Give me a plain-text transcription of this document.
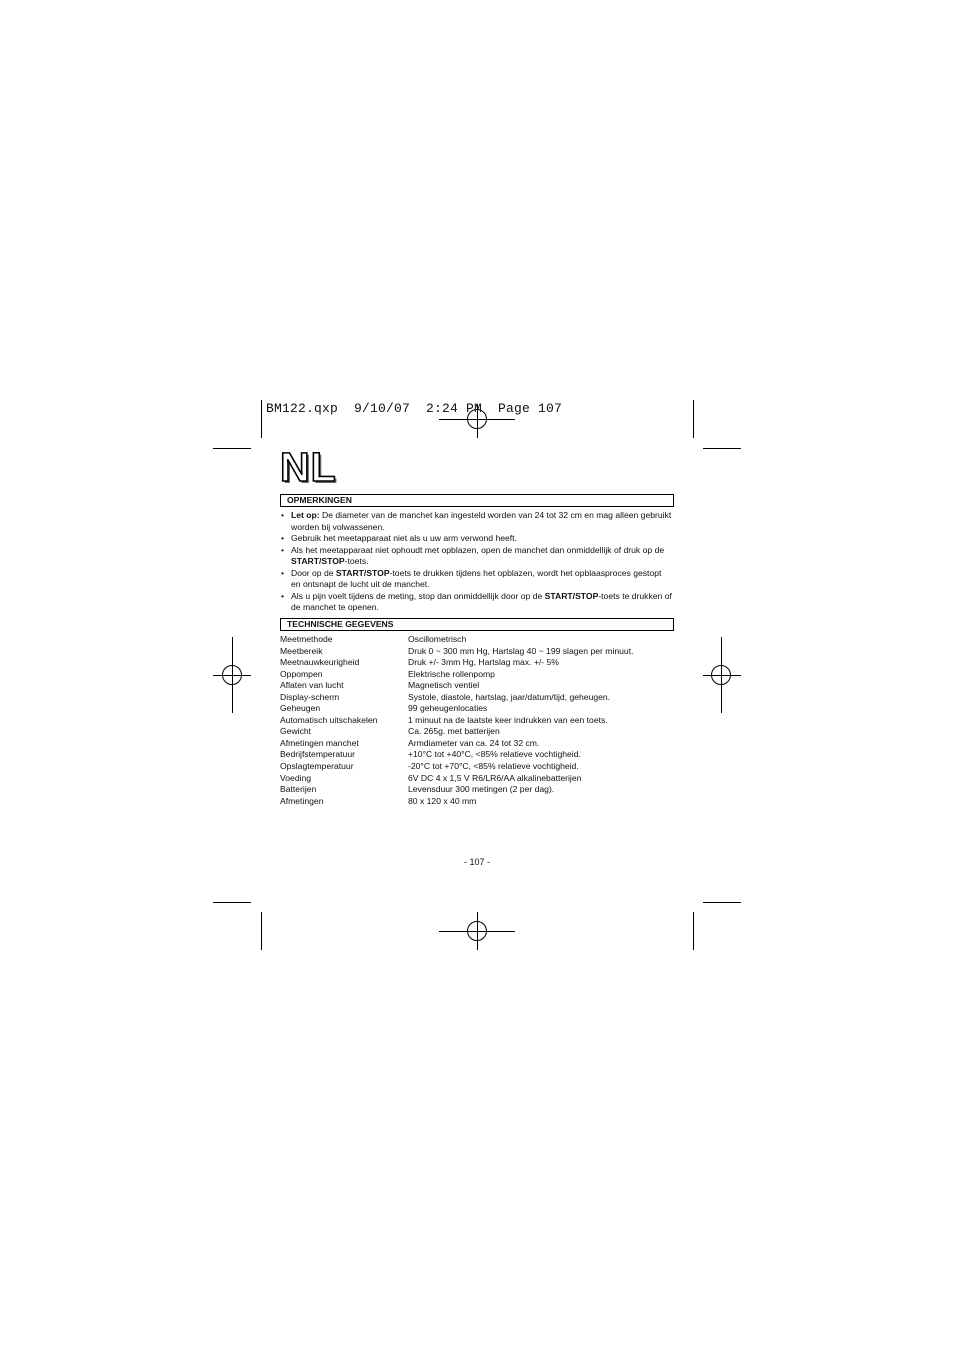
BM122.qxp  9/10/07  2:24 PM  Page 107
NL
OPMERKINGEN
• Let op: De diameter van de manchet kan ingesteld worden van 24 tot 32 cm en mag alleen gebruikt worden bij volwassenen.
• Gebruik het meetapparaat niet als u uw arm verwond heeft.
• Als het meetapparaat niet ophoudt met opblazen, open de manchet dan onmiddellijk of druk op de START/STOP-toets.
• Door op de START/STOP-toets te drukken tijdens het opblazen, wordt het opblaasproces gestopt en ontsnapt de lucht uit de manchet.
• Als u pijn voelt tijdens de meting, stop dan onmiddellijk door op de START/STOP-toets te drukken of de manchet te openen.
TECHNISCHE GEGEVENS
Meetmethode	Oscillometrisch
Meetbereik	Druk 0 ~ 300 mm Hg, Hartslag 40 ~ 199 slagen per minuut.
Meetnauwkeurigheid	Druk +/- 3mm Hg, Hartslag max. +/- 5%
Oppompen	Elektrische rollenpomp
Aflaten van lucht	Magnetisch ventiel
Display-scherm	Systole, diastole, hartslag, jaar/datum/tijd, geheugen.
Geheugen	99 geheugenlocaties
Automatisch uitschakelen	1 minuut na de laatste keer indrukken van een toets.
Gewicht	Ca. 265g. met batterijen
Afmetingen manchet	Armdiameter van ca. 24 tot 32 cm.
Bedrijfstemperatuur	+10°C tot +40°C, <85% relatieve vochtigheid.
Opslagtemperatuur	-20°C tot +70°C, <85% relatieve vochtigheid.
Voeding	6V DC 4 x 1,5 V R6/LR6/AA alkalinebatterijen
Batterijen	Levensduur 300 metingen (2 per dag).
Afmetingen	80 x 120 x 40 mm
- 107 -
